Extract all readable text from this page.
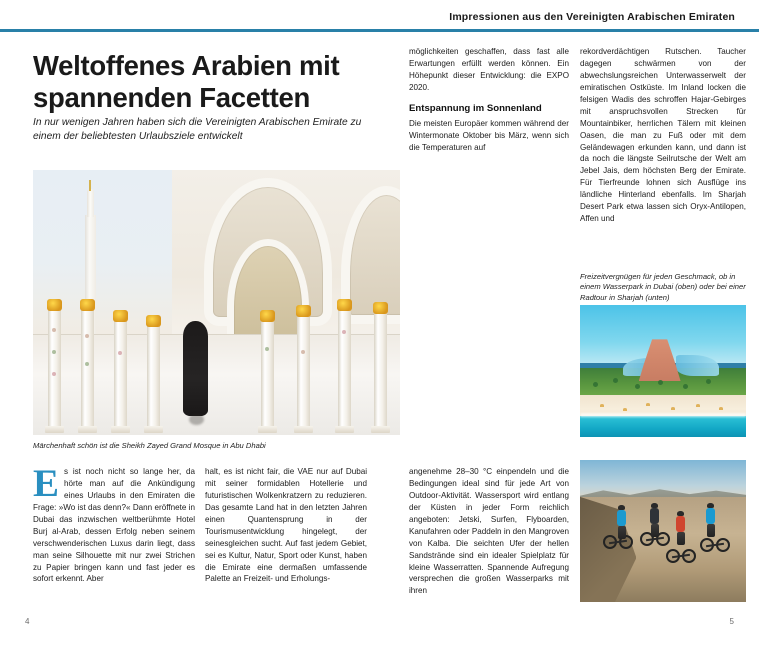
Impressionen aus den Vereinigten Arabischen Emiraten
Weltoffenes Arabien mit spannenden Facetten
In nur wenigen Jahren haben sich die Vereinigten Arabischen Emirate zu einem der beliebtesten Urlaubsziele entwickelt

möglichkeiten geschaffen, dass fast alle Erwartungen erfüllt werden können. Ein Höhepunkt dieser Entwicklung: die EXPO 2020.

Entspannung im Sonnenland

Die meisten Europäer kommen während der Wintermonate Oktober bis März, wenn sich die Temperaturen auf

rekordverdächtigen Rutschen. Taucher dagegen schwärmen von der abwechslungsreichen Unterwasserwelt der emiratischen Ostküste. Im Inland locken die felsigen Wadis des schroffen Hajar-Gebirges mit anspruchsvollen Strecken für Mountainbiker, herrlichen Tälern mit kleinen Oasen, die man zu Fuß oder mit dem Geländewagen erkunden kann, und dann ist da noch die längste Seilrutsche der Welt am Jebel Jais, dem höchsten Berg der Emirate. Für Tierfreunde lohnen sich Ausflüge ins ländliche Hinterland ebenfalls. Im Sharjah Desert Park etwa lassen sich Oryx-Antilopen, Affen und

Märchenhaft schön ist die Sheikh Zayed Grand Mosque in Abu Dhabi
Freizeitvergnügen für jeden Geschmack, ob in einem Wasserpark in Dubai (oben) oder bei einer Radtour in Sharjah (unten)
E s ist noch nicht so lange her, da hörte man auf die Ankündigung eines Urlaubs in den Emiraten die Frage: »Wo ist das denn?« Dann eröffnete in Dubai das inzwischen weltberühmte Hotel Burj al-Arab, dessen Erfolg neben seinem verschwenderischen Luxus darin liegt, dass man seine Silhouette mit nur zwei Strichen zu Papier bringen kann und fast jeder es sofort erkennt. Aber

halt, es ist nicht fair, die VAE nur auf Dubai mit seiner formidablen Hotellerie und futuristischen Wolkenkratzern zu reduzieren. Das gesamte Land hat in den letzten Jahren einen Quantensprung in der Tourismusentwicklung hingelegt, der seinesgleichen sucht. Auf fast jedem Gebiet, sei es Kultur, Natur, Sport oder Kunst, haben die Emirate eine dermaßen umfassende Palette an Freizeit- und Erholungs-

angenehme 28–30 °C einpendeln und die Bedingungen ideal sind für jede Art von Outdoor-Aktivität. Wassersport wird entlang der Küsten in jeder Form reichlich angeboten: Jetski, Surfen, Flyboarden, Kanufahren oder Paddeln in den Mangroven von Kalba. Die seichten Ufer der hellen Sandstrände sind ein idealer Spielplatz für kleine Wasserratten. Spannende Aufregung versprechen die großen Wasserparks mit ihren

4	5
